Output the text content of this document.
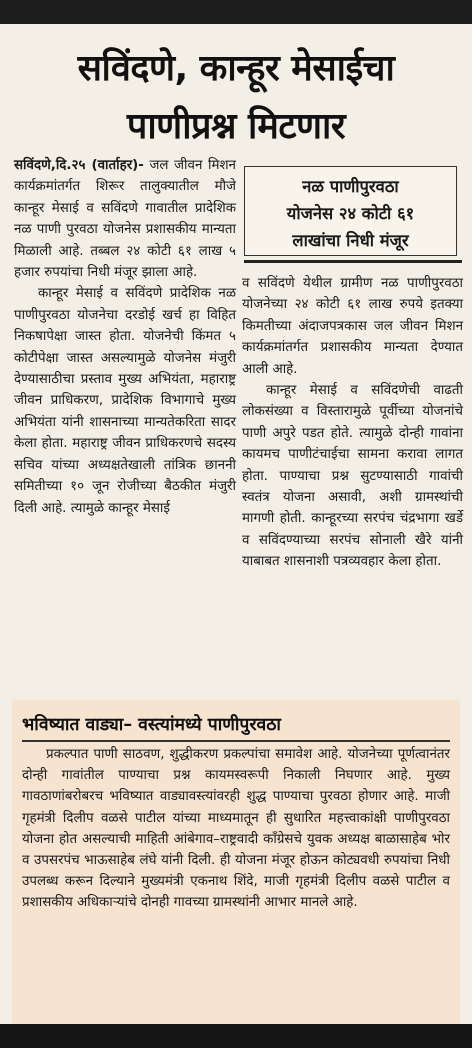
सविंदणे, कान्हूर मेसाईचा
पाणीप्रश्न मिटणार

सविंदणे,दि.२५ (वार्ताहर)- जल जीवन मिशन कार्यक्रमांतर्गत शिरूर तालुक्यातील मौजे कान्हूर मेसाई व सविंदणे गावातील प्रादेशिक नळ पाणी पुरवठा योजनेस प्रशासकीय मान्यता मिळाली आहे. तब्बल २४ कोटी ६१ लाख ५ हजार रुपयांचा निधी मंजूर झाला आहे.

कान्हूर मेसाई व सविंदणे प्रादेशिक नळ पाणीपुरवठा योजनेचा दरडोई खर्च हा विहित निकषापेक्षा जास्त होता. योजनेची किंमत ५ कोटीपेक्षा जास्त असल्यामुळे योजनेस मंजुरी देण्यासाठीचा प्रस्ताव मुख्य अभियंता, महाराष्ट्र जीवन प्राधिकरण, प्रादेशिक विभागाचे मुख्य अभियंता यांनी शासनाच्या मान्यतेकरिता सादर केला होता. महाराष्ट्र जीवन प्राधिकरणचे सदस्य सचिव यांच्या अध्यक्षतेखाली तांत्रिक छाननी समितीच्या १० जून रोजीच्या बैठकीत मंजुरी दिली आहे. त्यामुळे कान्हूर मेसाई

नळ पाणीपुरवठा
योजनेस २४ कोटी ६१
लाखांचा निधी मंजूर

व सविंदणे येथील ग्रामीण नळ पाणीपुरवठा योजनेच्या २४ कोटी ६१ लाख रुपये इतक्या किमतीच्या अंदाजपत्रकास जल जीवन मिशन कार्यक्रमांतर्गत प्रशासकीय मान्यता देण्यात आली आहे.

कान्हूर मेसाई व सविंदणेची वाढती लोकसंख्या व विस्तारामुळे पूर्वीच्या योजनांचे पाणी अपुरे पडत होते. त्यामुळे दोन्ही गावांना कायमच पाणीटंचाईचा सामना करावा लागत होता. पाण्याचा प्रश्न सुटण्यासाठी गावांची स्वतंत्र योजना असावी, अशी ग्रामस्थांची मागणी होती. कान्हूरच्या सरपंच चंद्रभागा खर्डे व सविंदण्याच्या सरपंच सोनाली खैरे यांनी याबाबत शासनाशी पत्रव्यवहार केला होता.

भविष्यात वाड्या– वस्त्यांमध्ये पाणीपुरवठा
प्रकल्पात पाणी साठवण, शुद्धीकरण प्रकल्पांचा समावेश आहे. योजनेच्या पूर्णत्वानंतर दोन्ही गावांतील पाण्याचा प्रश्न कायमस्वरूपी निकाली निघणार आहे. मुख्य गावठाणांबरोबरच भविष्यात वाड्यावस्त्यांवरही शुद्ध पाण्याचा पुरवठा होणार आहे. माजी गृहमंत्री दिलीप वळसे पाटील यांच्या माध्यमातून ही सुधारित महत्त्वाकांक्षी पाणीपुरवठा योजना होत असल्याची माहिती आंबेगाव–राष्ट्रवादी काँग्रेसचे युवक अध्यक्ष बाळासाहेब भोर व उपसरपंच भाऊसाहेब लंघे यांनी दिली. ही योजना मंजूर होऊन कोट्यवधी रुपयांचा निधी उपलब्ध करून दिल्याने मुख्यमंत्री एकनाथ शिंदे, माजी गृहमंत्री दिलीप वळसे पाटील व प्रशासकीय अधिकाऱ्यांचे दोनही गावच्या ग्रामस्थांनी आभार मानले आहे.
